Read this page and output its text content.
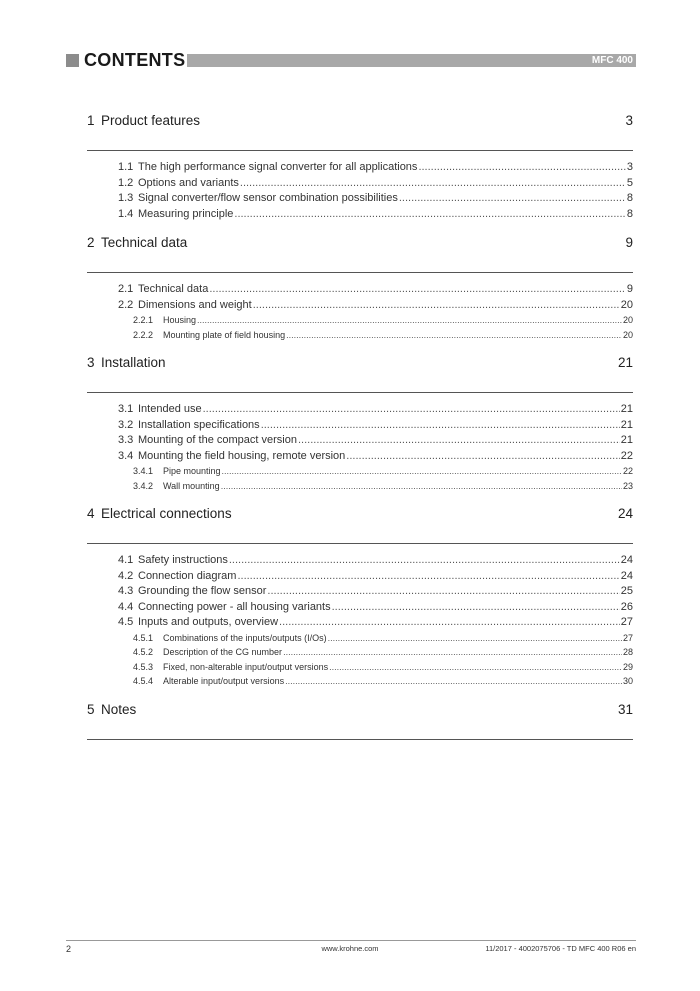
CONTENTS	MFC 400
1 Product features	3
1.1 The high performance signal converter for all applications .....	3
1.2 Options and variants .....	5
1.3 Signal converter/flow sensor combination possibilities .....	8
1.4 Measuring principle .....	8
2 Technical data	9
2.1 Technical data .....	9
2.2 Dimensions and weight .....	20
2.2.1	Housing .....	20
2.2.2	Mounting plate of field housing .....	20
3 Installation	21
3.1 Intended use .....	21
3.2 Installation specifications .....	21
3.3 Mounting of the compact version .....	21
3.4 Mounting the field housing, remote version .....	22
3.4.1	Pipe mounting .....	22
3.4.2	Wall mounting .....	23
4 Electrical connections	24
4.1 Safety instructions .....	24
4.2 Connection diagram .....	24
4.3 Grounding the flow sensor .....	25
4.4 Connecting power - all housing variants .....	26
4.5 Inputs and outputs, overview .....	27
4.5.1	Combinations of the inputs/outputs (I/Os) .....	27
4.5.2	Description of the CG number .....	28
4.5.3	Fixed, non-alterable input/output versions .....	29
4.5.4	Alterable input/output versions .....	30
5 Notes	31
2	www.krohne.com	11/2017 - 4002075706 - TD MFC 400 R06 en
